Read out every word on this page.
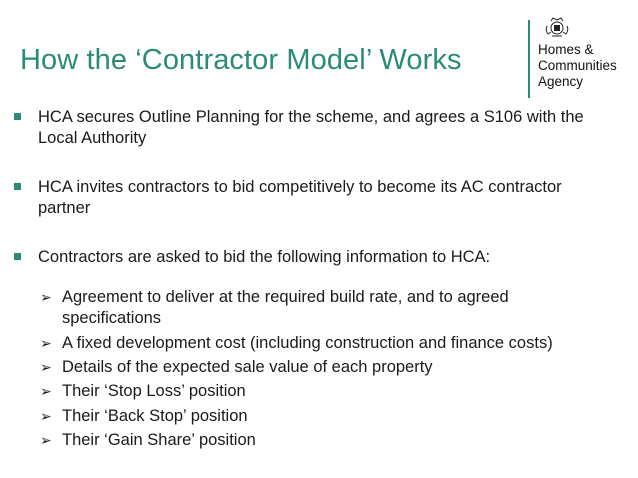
How the ‘Contractor Model’ Works	Homes &
Communities
Agency
HCA secures Outline Planning for the scheme, and agrees a S106 with the Local Authority
HCA invites contractors to bid competitively to become its AC contractor partner
Contractors are asked to bid the following information to HCA:
➢ Agreement to deliver at the required build rate, and to agreed specifications
➢ A fixed development cost (including construction and finance costs)
➢ Details of the expected sale value of each property
➢ Their ‘Stop Loss’ position
➢ Their ‘Back Stop’ position
➢ Their ‘Gain Share’ position
